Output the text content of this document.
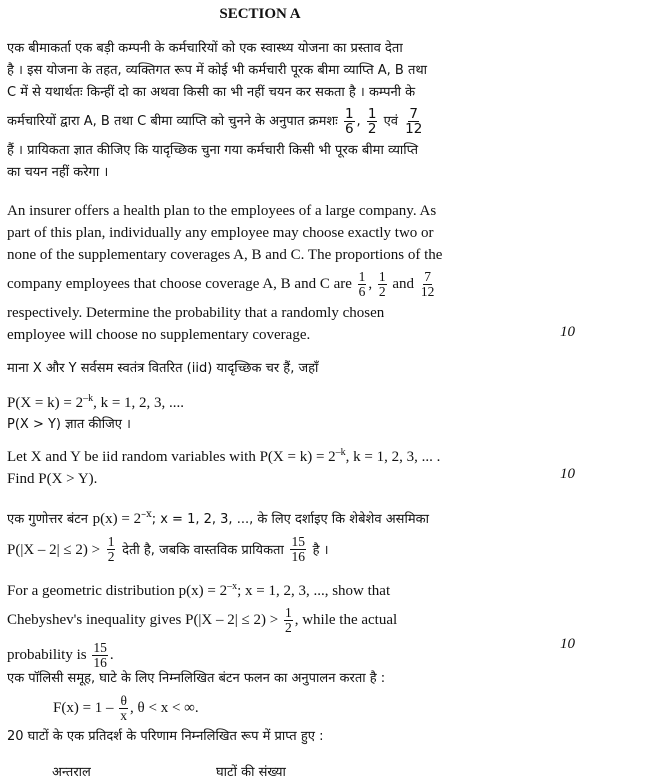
SECTION A
एक बीमाकर्ता एक बड़ी कम्पनी के कर्मचारियों को एक स्वास्थ्य योजना का प्रस्ताव देता
है । इस योजना के तहत, व्यक्तिगत रूप में कोई भी कर्मचारी पूरक बीमा व्याप्ति A, B तथा
C में से यथार्थतः किन्हीं दो का अथवा किसी का भी नहीं चयन कर सकता है । कम्पनी के
कर्मचारियों द्वारा A, B तथा C बीमा व्याप्ति को चुनने के अनुपात क्रमशः $\frac{1}{6}$ , $\frac{1}{2}$ एवं $\frac{7}{12}$
हैं । प्रायिकता ज्ञात कीजिए कि यादृच्छिक चुना गया कर्मचारी किसी भी पूरक बीमा व्याप्ति
का चयन नहीं करेगा ।
An insurer offers a health plan to the employees of a large company. As
part of this plan, individually any employee may choose exactly two or
none of the supplementary coverages A, B and C. The proportions of the
company employees that choose coverage A, B and C are $\frac{1}{6}$ , $\frac{1}{2}$ and $\frac{7}{12}$
respectively. Determine the probability that a randomly chosen
employee will choose no supplementary coverage.	10
माना X और Y सर्वसम स्वतंत्र वितरित (iid) यादृच्छिक चर हैं, जहाँ
$P(X = k) = 2^{-k}$, k = 1, 2, 3, ....
P(X > Y) ज्ञात कीजिए ।
Let X and Y be iid random variables with $P(X = k) = 2^{-k}$, k = 1, 2, 3, ... .
Find P(X > Y).	10
एक गुणोत्तर बंटन $p(x) = 2^{-x}$; x = 1, 2, 3, ..., के लिए दर्शाइए कि शेबेशेव असमिका
$P(|X - 2| \le 2) > \frac{1}{2}$ देती है, जबकि वास्तविक प्रायिकता $\frac{15}{16}$ है ।
For a geometric distribution $p(x) = 2^{-x}$; x = 1, 2, 3, ..., show that
Chebyshev's inequality gives $P(|X - 2| \le 2) > \frac{1}{2}$ , while the actual
probability is $\frac{15}{16}$ .
10
एक पॉलिसी समूह, घाटे के लिए निम्नलिखित बंटन फलन का अनुपालन करता है :
$F(x) = 1 - \frac{\theta}{x}$ , θ < x < ∞.
20 घाटों के एक प्रतिदर्श के परिणाम निम्नलिखित रूप में प्राप्त हुए :
अन्तराल	घाटों की संख्या
